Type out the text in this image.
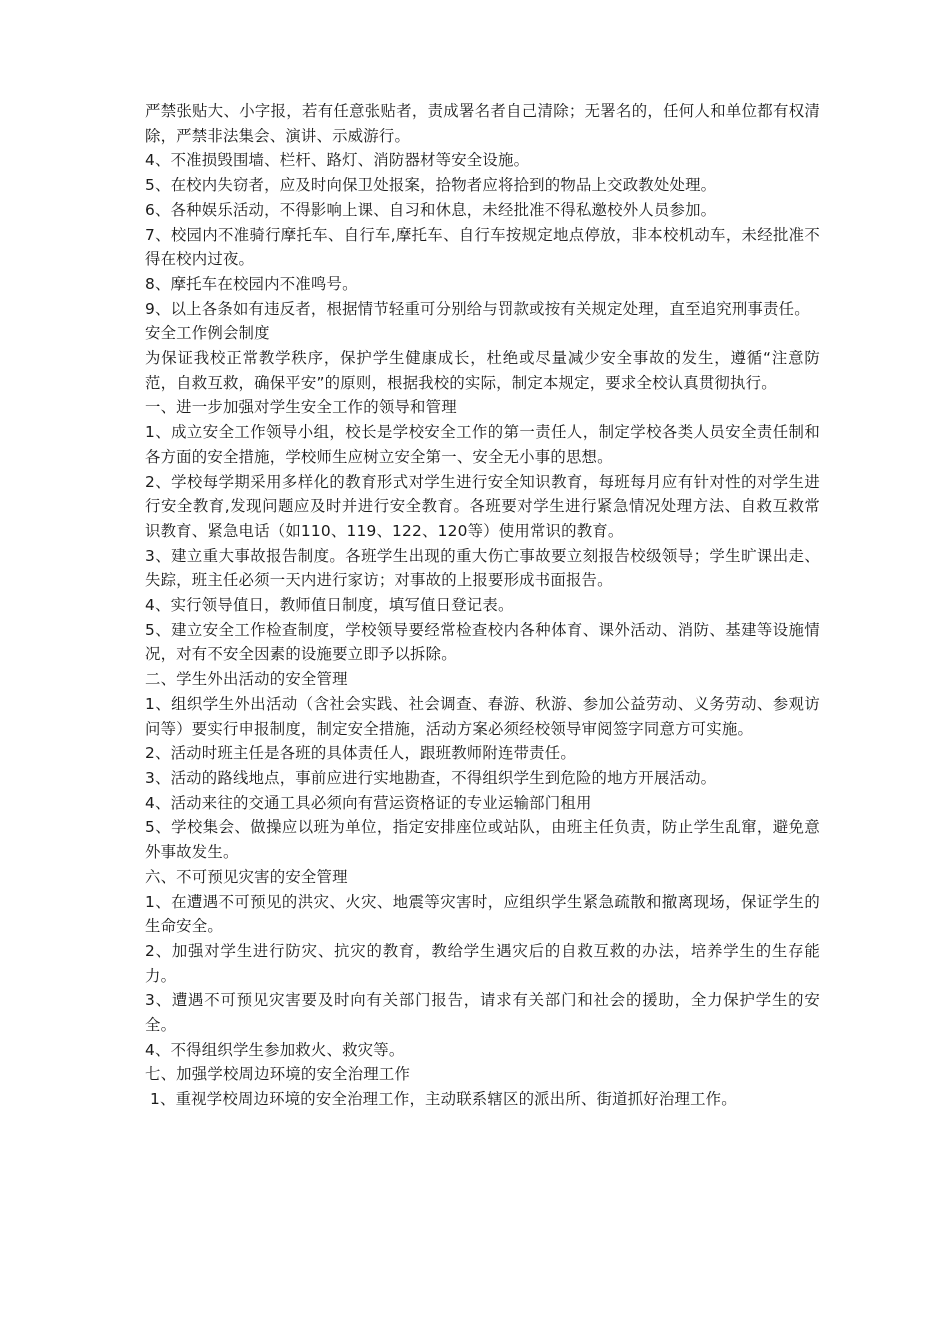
严禁张贴大、小字报，若有任意张贴者，责成署名者自己清除；无署名的，任何人和单位都有权清除，严禁非法集会、演讲、示威游行。

4、不准损毁围墙、栏杆、路灯、消防器材等安全设施。

5、在校内失窃者，应及时向保卫处报案，拾物者应将拾到的物品上交政教处处理。

6、各种娱乐活动，不得影响上课、自习和休息，未经批准不得私邀校外人员参加。

7、校园内不准骑行摩托车、自行车,摩托车、自行车按规定地点停放，非本校机动车，未经批准不得在校内过夜。

8、摩托车在校园内不准鸣号。

9、以上各条如有违反者，根据情节轻重可分别给与罚款或按有关规定处理，直至追究刑事责任。

安全工作例会制度

为保证我校正常教学秩序，保护学生健康成长，杜绝或尽量减少安全事故的发生，遵循“注意防范，自救互救，确保平安”的原则，根据我校的实际，制定本规定，要求全校认真贯彻执行。

一、进一步加强对学生安全工作的领导和管理

1、成立安全工作领导小组，校长是学校安全工作的第一责任人，制定学校各类人员安全责任制和各方面的安全措施，学校师生应树立安全第一、安全无小事的思想。

2、学校每学期采用多样化的教育形式对学生进行安全知识教育，每班每月应有针对性的对学生进行安全教育,发现问题应及时并进行安全教育。各班要对学生进行紧急情况处理方法、自救互救常识教育、紧急电话（如110、119、122、120等）使用常识的教育。

3、建立重大事故报告制度。各班学生出现的重大伤亡事故要立刻报告校级领导；学生旷课出走、失踪，班主任必须一天内进行家访；对事故的上报要形成书面报告。

4、实行领导值日，教师值日制度，填写值日登记表。

5、建立安全工作检查制度，学校领导要经常检查校内各种体育、课外活动、消防、基建等设施情况，对有不安全因素的设施要立即予以拆除。

二、学生外出活动的安全管理

1、组织学生外出活动（含社会实践、社会调查、春游、秋游、参加公益劳动、义务劳动、参观访问等）要实行申报制度，制定安全措施，活动方案必须经校领导审阅签字同意方可实施。

2、活动时班主任是各班的具体责任人，跟班教师附连带责任。

3、活动的路线地点，事前应进行实地勘查，不得组织学生到危险的地方开展活动。

4、活动来往的交通工具必须向有营运资格证的专业运输部门租用

5、学校集会、做操应以班为单位，指定安排座位或站队，由班主任负责，防止学生乱窜，避免意外事故发生。

六、不可预见灾害的安全管理

1、在遭遇不可预见的洪灾、火灾、地震等灾害时，应组织学生紧急疏散和撤离现场，保证学生的生命安全。

2、加强对学生进行防灾、抗灾的教育，教给学生遇灾后的自救互救的办法，培养学生的生存能力。

3、遭遇不可预见灾害要及时向有关部门报告，请求有关部门和社会的援助，全力保护学生的安全。

4、不得组织学生参加救火、救灾等。

七、加强学校周边环境的安全治理工作

1、重视学校周边环境的安全治理工作，主动联系辖区的派出所、街道抓好治理工作。
